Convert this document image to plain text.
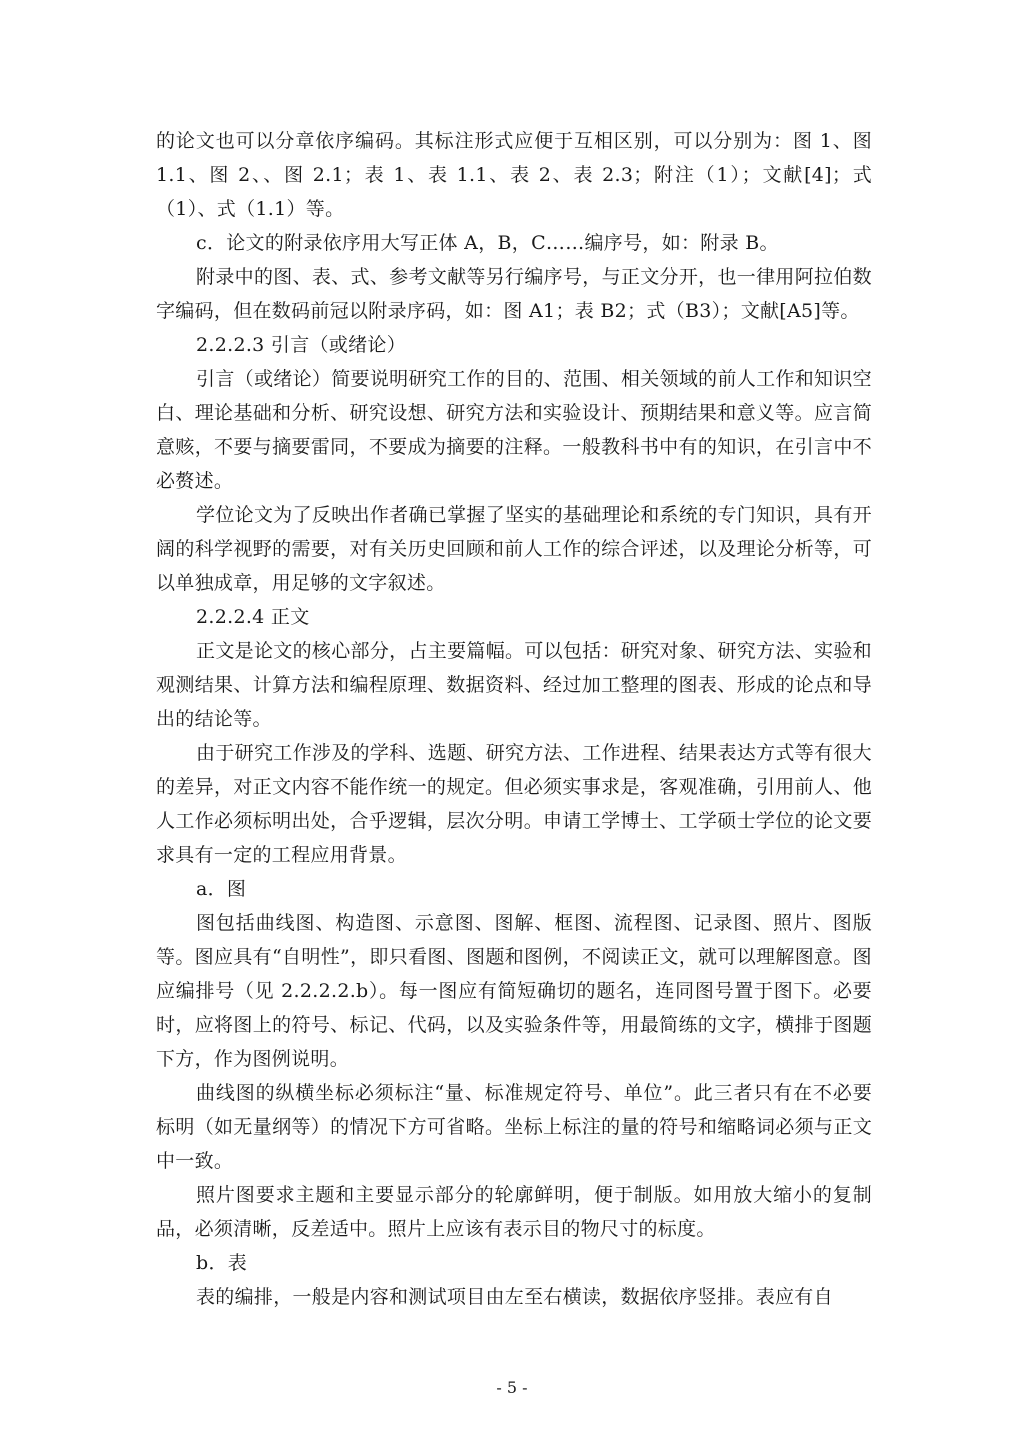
的论文也可以分章依序编码。其标注形式应便于互相区别，可以分别为：图 1、图 1.1、图 2、、图 2.1；表 1、表 1.1、表 2、表 2.3；附注（1）；文献[4]；式（1）、式（1.1）等。

c．论文的附录依序用大写正体 A，B，C……编序号，如：附录 B。

附录中的图、表、式、参考文献等另行编序号，与正文分开，也一律用阿拉伯数字编码，但在数码前冠以附录序码，如：图 A1；表 B2；式（B3）；文献[A5]等。

2.2.2.3 引言（或绪论）

引言（或绪论）简要说明研究工作的目的、范围、相关领域的前人工作和知识空白、理论基础和分析、研究设想、研究方法和实验设计、预期结果和意义等。应言简意赅，不要与摘要雷同，不要成为摘要的注释。一般教科书中有的知识，在引言中不必赘述。

学位论文为了反映出作者确已掌握了坚实的基础理论和系统的专门知识，具有开阔的科学视野的需要，对有关历史回顾和前人工作的综合评述，以及理论分析等，可以单独成章，用足够的文字叙述。

2.2.2.4 正文

正文是论文的核心部分，占主要篇幅。可以包括：研究对象、研究方法、实验和观测结果、计算方法和编程原理、数据资料、经过加工整理的图表、形成的论点和导出的结论等。

由于研究工作涉及的学科、选题、研究方法、工作进程、结果表达方式等有很大的差异，对正文内容不能作统一的规定。但必须实事求是，客观准确，引用前人、他人工作必须标明出处，合乎逻辑，层次分明。申请工学博士、工学硕士学位的论文要求具有一定的工程应用背景。

a．图

图包括曲线图、构造图、示意图、图解、框图、流程图、记录图、照片、图版等。图应具有“自明性”，即只看图、图题和图例，不阅读正文，就可以理解图意。图应编排号（见 2.2.2.2.b）。每一图应有简短确切的题名，连同图号置于图下。必要时，应将图上的符号、标记、代码，以及实验条件等，用最简练的文字，横排于图题下方，作为图例说明。

曲线图的纵横坐标必须标注“量、标准规定符号、单位”。此三者只有在不必要标明（如无量纲等）的情况下方可省略。坐标上标注的量的符号和缩略词必须与正文中一致。

照片图要求主题和主要显示部分的轮廓鲜明，便于制版。如用放大缩小的复制品，必须清晰，反差适中。照片上应该有表示目的物尺寸的标度。

b．表

表的编排，一般是内容和测试项目由左至右横读，数据依序竖排。表应有自

- 5 -
